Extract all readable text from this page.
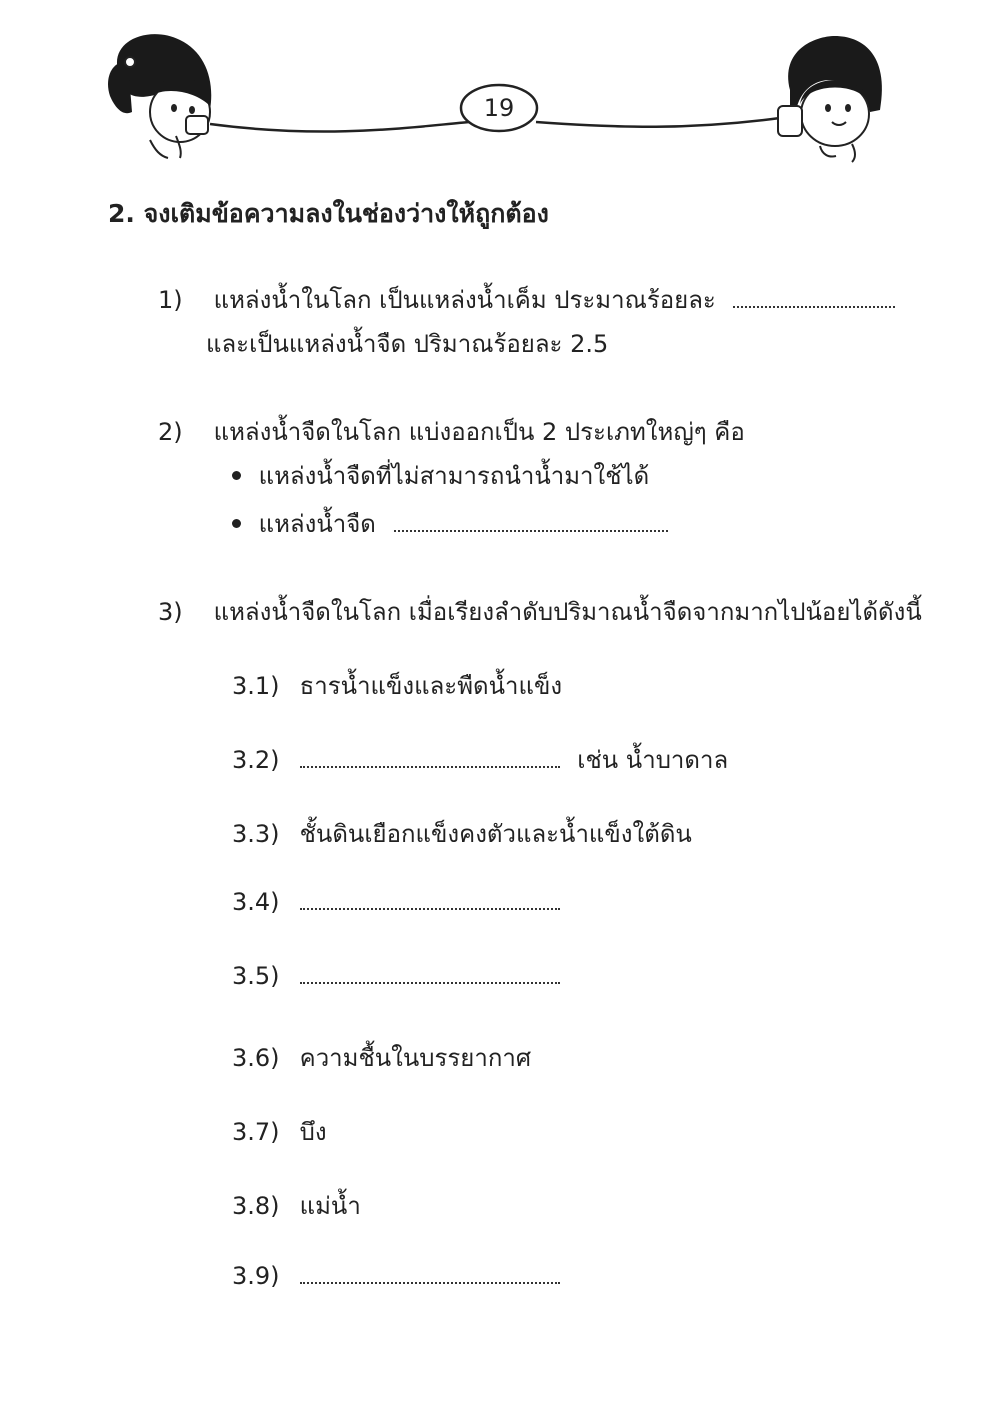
19
2. จงเติมข้อความลงในช่องว่างให้ถูกต้อง
1) แหล่งน้ำในโลก เป็นแหล่งน้ำเค็ม ประมาณร้อยละ
และเป็นแหล่งน้ำจืด ปริมาณร้อยละ 2.5
2) แหล่งน้ำจืดในโลก แบ่งออกเป็น 2 ประเภทใหญ่ๆ คือ
แหล่งน้ำจืดที่ไม่สามารถนำน้ำมาใช้ได้
แหล่งน้ำจืด
3) แหล่งน้ำจืดในโลก เมื่อเรียงลำดับปริมาณน้ำจืดจากมากไปน้อยได้ดังนี้
3.1) ธารน้ำแข็งและพืดน้ำแข็ง
3.2)	เช่น น้ำบาดาล
3.3) ชั้นดินเยือกแข็งคงตัวและน้ำแข็งใต้ดิน
3.4)
3.5)
3.6) ความชื้นในบรรยากาศ
3.7) บึง
3.8) แม่น้ำ
3.9)
